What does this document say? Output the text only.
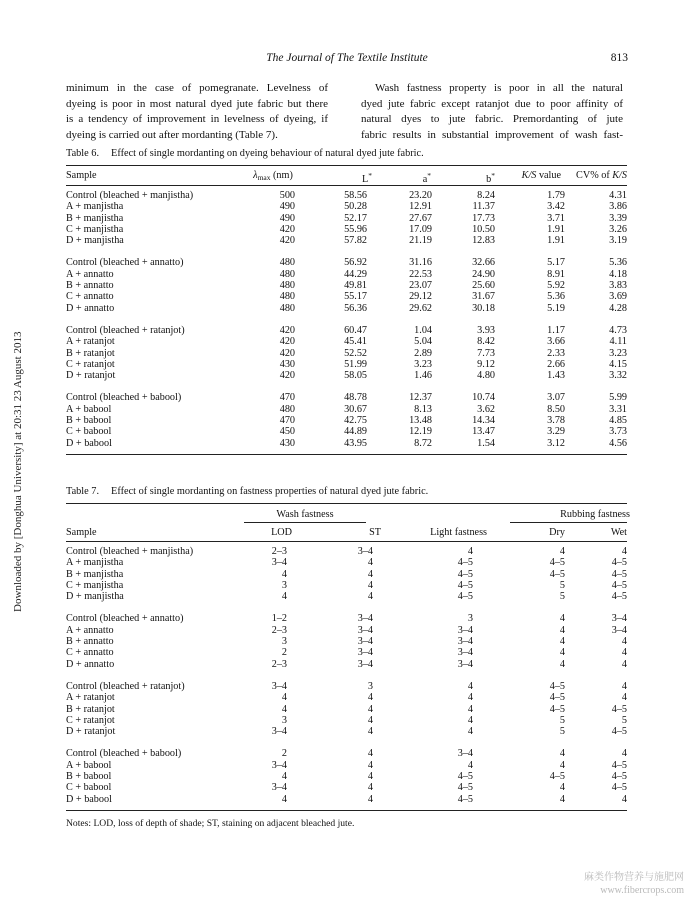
The Journal of The Textile Institute	813
minimum in the case of pomegranate. Levelness of
dyeing is poor in most natural dyed jute fabric but there
is a tendency of improvement in levelness of dyeing, if
dyeing is carried out after mordanting (Table 7).
Wash fastness property is poor in all the natural
dyed jute fabric except ratanjot due to poor affinity of
natural dyes to jute fabric. Premordanting of jute
fabric results in substantial improvement of wash fast-
Table 6. Effect of single mordanting on dyeing behaviour of natural dyed jute fabric.
Sample	$\lambda_{max}$ (nm)	L*	a*	b*	K/S value	CV% of K/S
Control (bleached + manjistha)	500	58.56	23.20	8.24	1.79	4.31
A + manjistha	490	50.28	12.91	11.37	3.42	3.86
B + manjistha	490	52.17	27.67	17.73	3.71	3.39
C + manjistha	420	55.96	17.09	10.50	1.91	3.26
D + manjistha	420	57.82	21.19	12.83	1.91	3.19

Control (bleached + annatto)	480	56.92	31.16	32.66	5.17	5.36
A + annatto	480	44.29	22.53	24.90	8.91	4.18
B + annatto	480	49.81	23.07	25.60	5.92	3.83
C + annatto	480	55.17	29.12	31.67	5.36	3.69
D + annatto	480	56.36	29.62	30.18	5.19	4.28

Control (bleached + ratanjot)	420	60.47	1.04	3.93	1.17	4.73
A + ratanjot	420	45.41	5.04	8.42	3.66	4.11
B + ratanjot	420	52.52	2.89	7.73	2.33	3.23
C + ratanjot	430	51.99	3.23	9.12	2.66	4.15
D + ratanjot	420	58.05	1.46	4.80	1.43	3.32

Control (bleached + babool)	470	48.78	12.37	10.74	3.07	5.99
A + babool	480	30.67	8.13	3.62	8.50	3.31
B + babool	470	42.75	13.48	14.34	3.78	4.85
C + babool	450	44.89	12.19	13.47	3.29	3.73
D + babool	430	43.95	8.72	1.54	3.12	4.56
Table 7. Effect of single mordanting on fastness properties of natural dyed jute fabric.
Wash fastness	Rubbing fastness
Sample	LOD	ST	Light fastness	Dry	Wet
Control (bleached + manjistha)	2–3	3–4	4	4	4
A + manjistha	3–4	4	4–5	4–5	4–5
B + manjistha	4	4	4–5	4–5	4–5
C + manjistha	3	4	4–5	5	4–5
D + manjistha	4	4	4–5	5	4–5

Control (bleached + annatto)	1–2	3–4	3	4	3–4
A + annatto	2–3	3–4	3–4	4	3–4
B + annatto	3	3–4	3–4	4	4
C + annatto	2	3–4	3–4	4	4
D + annatto	2–3	3–4	3–4	4	4

Control (bleached + ratanjot)	3–4	3	4	4–5	4
A + ratanjot	4	4	4	4–5	4
B + ratanjot	4	4	4	4–5	4–5
C + ratanjot	3	4	4	5	5
D + ratanjot	3–4	4	4	5	4–5

Control (bleached + babool)	2	4	3–4	4	4
A + babool	3–4	4	4	4	4–5
B + babool	4	4	4–5	4–5	4–5
C + babool	3–4	4	4–5	4	4–5
D + babool	4	4	4–5	4	4
Notes: LOD, loss of depth of shade; ST, staining on adjacent bleached jute.
Downloaded by [Donghua University] at 20:31 23 August 2013
麻类作物营养与施肥网
www.fibercrops.com
